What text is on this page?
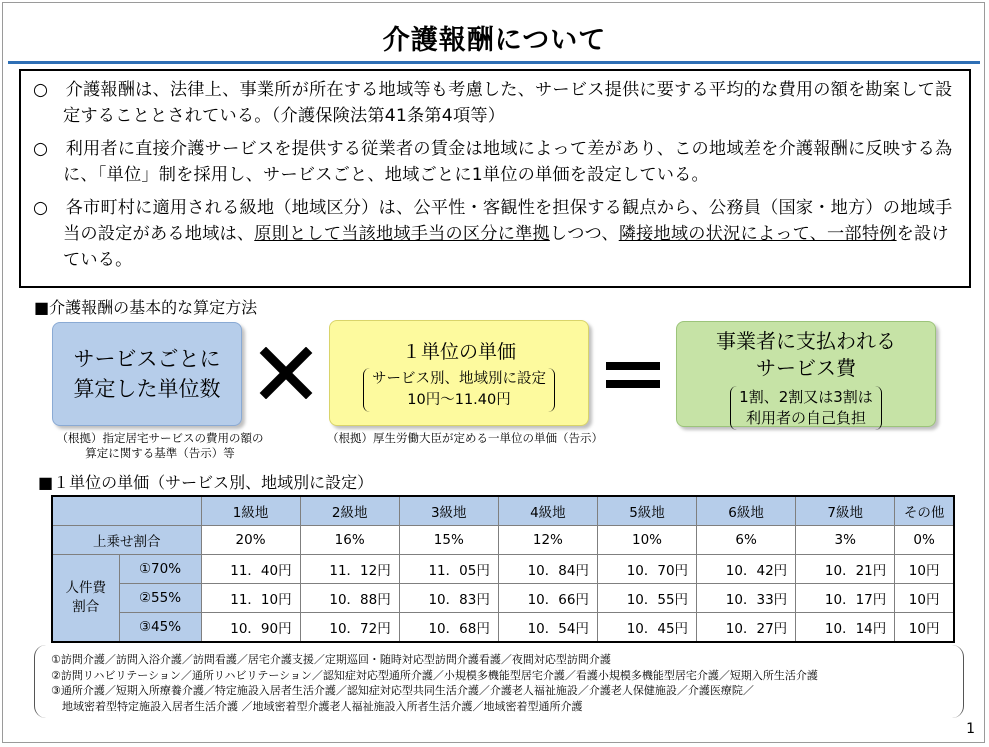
介護報酬について

○　介護報酬は、法律上、事業所が所在する地域等も考慮した、サービス提供に要する平均的な費用の額を勘案して設定することとされている。（介護保険法第41条第4項等）

○　利用者に直接介護サービスを提供する従業者の賃金は地域によって差があり、この地域差を介護報酬に反映する為に、「単位」制を採用し、サービスごと、地域ごとに1単位の単価を設定している。

○　各市町村に適用される級地（地域区分）は、公平性・客観性を担保する観点から、公務員（国家・地方）の地域手当の設定がある地域は、原則として当該地域手当の区分に準拠しつつ、隣接地域の状況によって、一部特例を設けている。

■介護報酬の基本的な算定方法
サービスごとに
算定した単位数
１単位の単価
サービス別、地域別に設定
10円〜11.40円
事業者に支払われる
サービス費
1割、2割又は3割は
利用者の自己負担
（根拠）指定居宅サービスの費用の額の
算定に関する基準（告示）等
（根拠）厚生労働大臣が定める一単位の単価（告示）
■１単位の単価（サービス別、地域別に設定）
		1級地	2級地	3級地	4級地	5級地	6級地	7級地	その他
上乗せ割合		20%	16%	15%	12%	10%	6%	3%	0%

人件費
割合	①70%	11．40円	11．12円	11．05円	10．84円	10．70円	10．42円	10．21円	10円
	②55%	11．10円	10．88円	10．83円	10．66円	10．55円	10．33円	10．17円	10円
	③45%	10．90円	10．72円	10．68円	10．54円	10．45円	10．27円	10．14円	10円
①訪問介護／訪問入浴介護／訪問看護／居宅介護支援／定期巡回・随時対応型訪問介護看護／夜間対応型訪問介護
②訪問リハビリテーション／通所リハビリテーション／認知症対応型通所介護／小規模多機能型居宅介護／看護小規模多機能型居宅介護／短期入所生活介護
③通所介護／短期入所療養介護／特定施設入居者生活介護／認知症対応型共同生活介護／介護老人福祉施設／介護老人保健施設／介護医療院／
　地域密着型特定施設入居者生活介護 ／地域密着型介護老人福祉施設入所者生活介護／地域密着型通所介護
1
